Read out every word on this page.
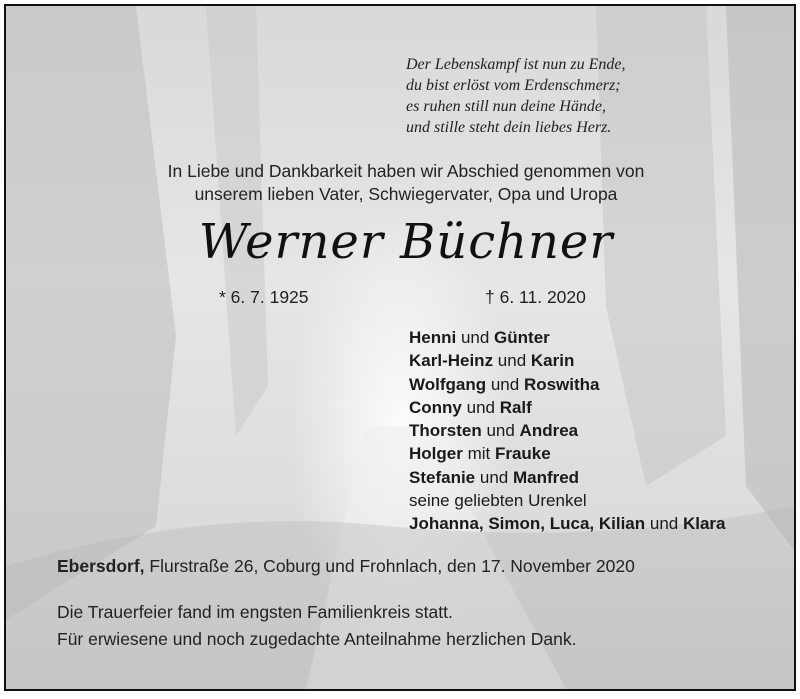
Der Lebenskampf ist nun zu Ende,
du bist erlöst vom Erdenschmerz;
es ruhen still nun deine Hände,
und stille steht dein liebes Herz.
In Liebe und Dankbarkeit haben wir Abschied genommen von
unserem lieben Vater, Schwiegervater, Opa und Uropa
Werner Büchner
* 6. 7. 1925	† 6. 11. 2020
Henni und Günter
Karl-Heinz und Karin
Wolfgang und Roswitha
Conny und Ralf
Thorsten und Andrea
Holger mit Frauke
Stefanie und Manfred
seine geliebten Urenkel
Johanna, Simon, Luca, Kilian und Klara
Ebersdorf, Flurstraße 26, Coburg und Frohnlach, den 17. November 2020
Die Trauerfeier fand im engsten Familienkreis statt.
Für erwiesene und noch zugedachte Anteilnahme herzlichen Dank.
